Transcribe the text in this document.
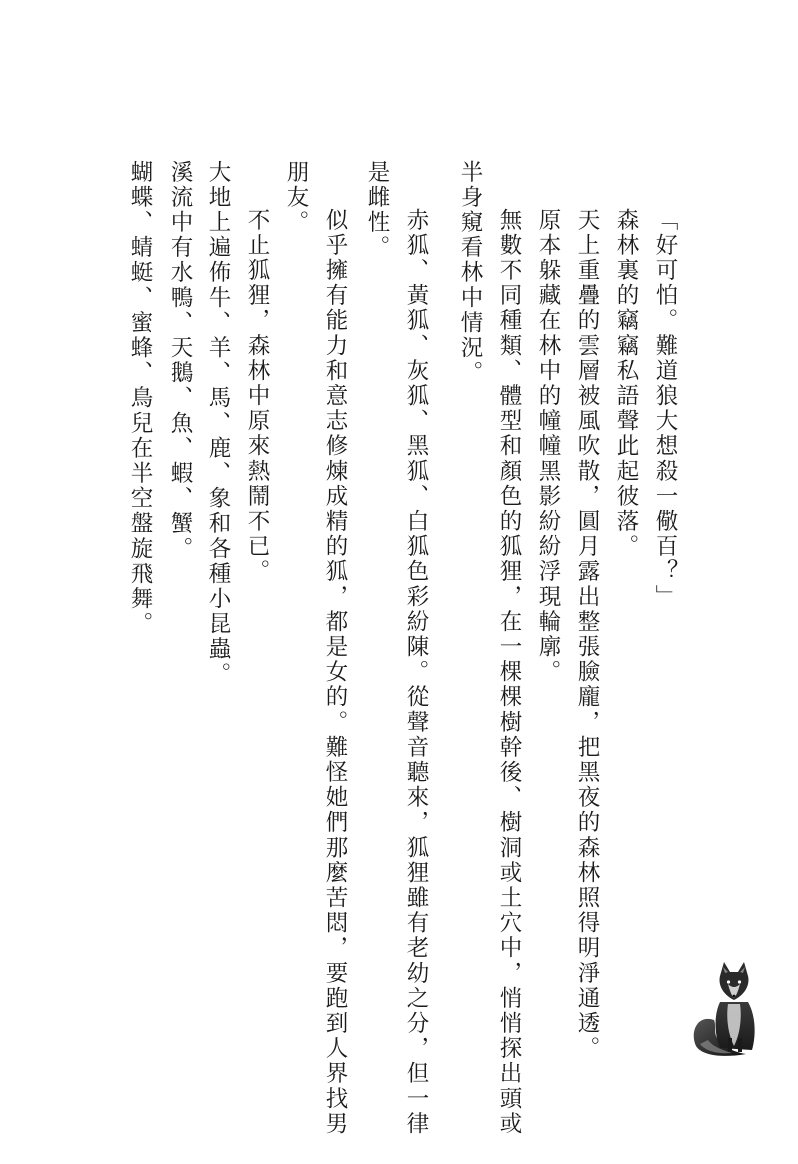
「好可怕。難道狼大想殺一儆百？」
森林裏的竊竊私語聲此起彼落。
天上重疊的雲層被風吹散，圓月露出整張臉龐，把黑夜的森林照得明淨通透。
原本躲藏在林中的幢幢黑影紛紛浮現輪廓。
無數不同種類、體型和顏色的狐狸，在一棵棵樹幹後、樹洞或土穴中，悄悄探出頭或
半身窺看林中情況。
赤狐、黃狐、灰狐、黑狐、白狐色彩紛陳。從聲音聽來，狐狸雖有老幼之分，但一律
是雌性。
似乎擁有能力和意志修煉成精的狐，都是女的。難怪她們那麼苦悶，要跑到人界找男
朋友。
不止狐狸，森林中原來熱鬧不已。
大地上遍佈牛、羊、馬、鹿、象和各種小昆蟲。
溪流中有水鴨、天鵝、魚、蝦、蟹。
蝴蝶、蜻蜓、蜜蜂、鳥兒在半空盤旋飛舞。
